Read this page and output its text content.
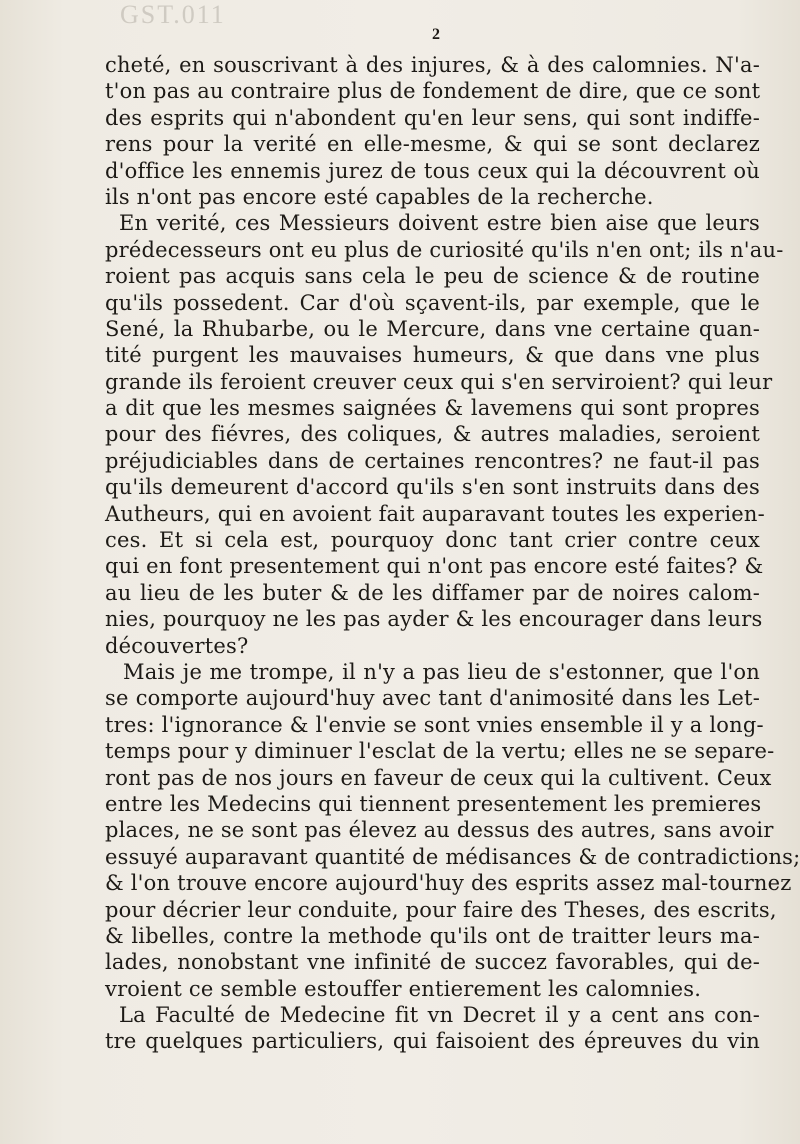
GST.011
2
cheté, en souscrivant à des injures, & à des calomnies. N'a-
t'on pas au contraire plus de fondement de dire, que ce sont
des esprits qui n'abondent qu'en leur sens, qui sont indiffe-
rens pour la verité en elle-mesme, & qui se sont declarez
d'office les ennemis jurez de tous ceux qui la découvrent où
ils n'ont pas encore esté capables de la recherche.
En verité, ces Messieurs doivent estre bien aise que leurs
prédecesseurs ont eu plus de curiosité qu'ils n'en ont; ils n'au-
roient pas acquis sans cela le peu de science & de routine
qu'ils possedent. Car d'où sçavent-ils, par exemple, que le
Sené, la Rhubarbe, ou le Mercure, dans vne certaine quan-
tité purgent les mauvaises humeurs, & que dans vne plus
grande ils feroient creuver ceux qui s'en serviroient? qui leur
a dit que les mesmes saignées & lavemens qui sont propres
pour des fiévres, des coliques, & autres maladies, seroient
préjudiciables dans de certaines rencontres? ne faut-il pas
qu'ils demeurent d'accord qu'ils s'en sont instruits dans des
Autheurs, qui en avoient fait auparavant toutes les experien-
ces. Et si cela est, pourquoy donc tant crier contre ceux
qui en font presentement qui n'ont pas encore esté faites? &
au lieu de les buter & de les diffamer par de noires calom-
nies, pourquoy ne les pas ayder & les encourager dans leurs
découvertes?
Mais je me trompe, il n'y a pas lieu de s'estonner, que l'on
se comporte aujourd'huy avec tant d'animosité dans les Let-
tres: l'ignorance & l'envie se sont vnies ensemble il y a long-
temps pour y diminuer l'esclat de la vertu; elles ne se separe-
ront pas de nos jours en faveur de ceux qui la cultivent. Ceux
entre les Medecins qui tiennent presentement les premieres
places, ne se sont pas élevez au dessus des autres, sans avoir
essuyé auparavant quantité de médisances & de contradictions;
& l'on trouve encore aujourd'huy des esprits assez mal-tournez
pour décrier leur conduite, pour faire des Theses, des escrits,
& libelles, contre la methode qu'ils ont de traitter leurs ma-
lades, nonobstant vne infinité de succez favorables, qui de-
vroient ce semble estouffer entierement les calomnies.
La Faculté de Medecine fit vn Decret il y a cent ans con-
tre quelques particuliers, qui faisoient des épreuves du vin
